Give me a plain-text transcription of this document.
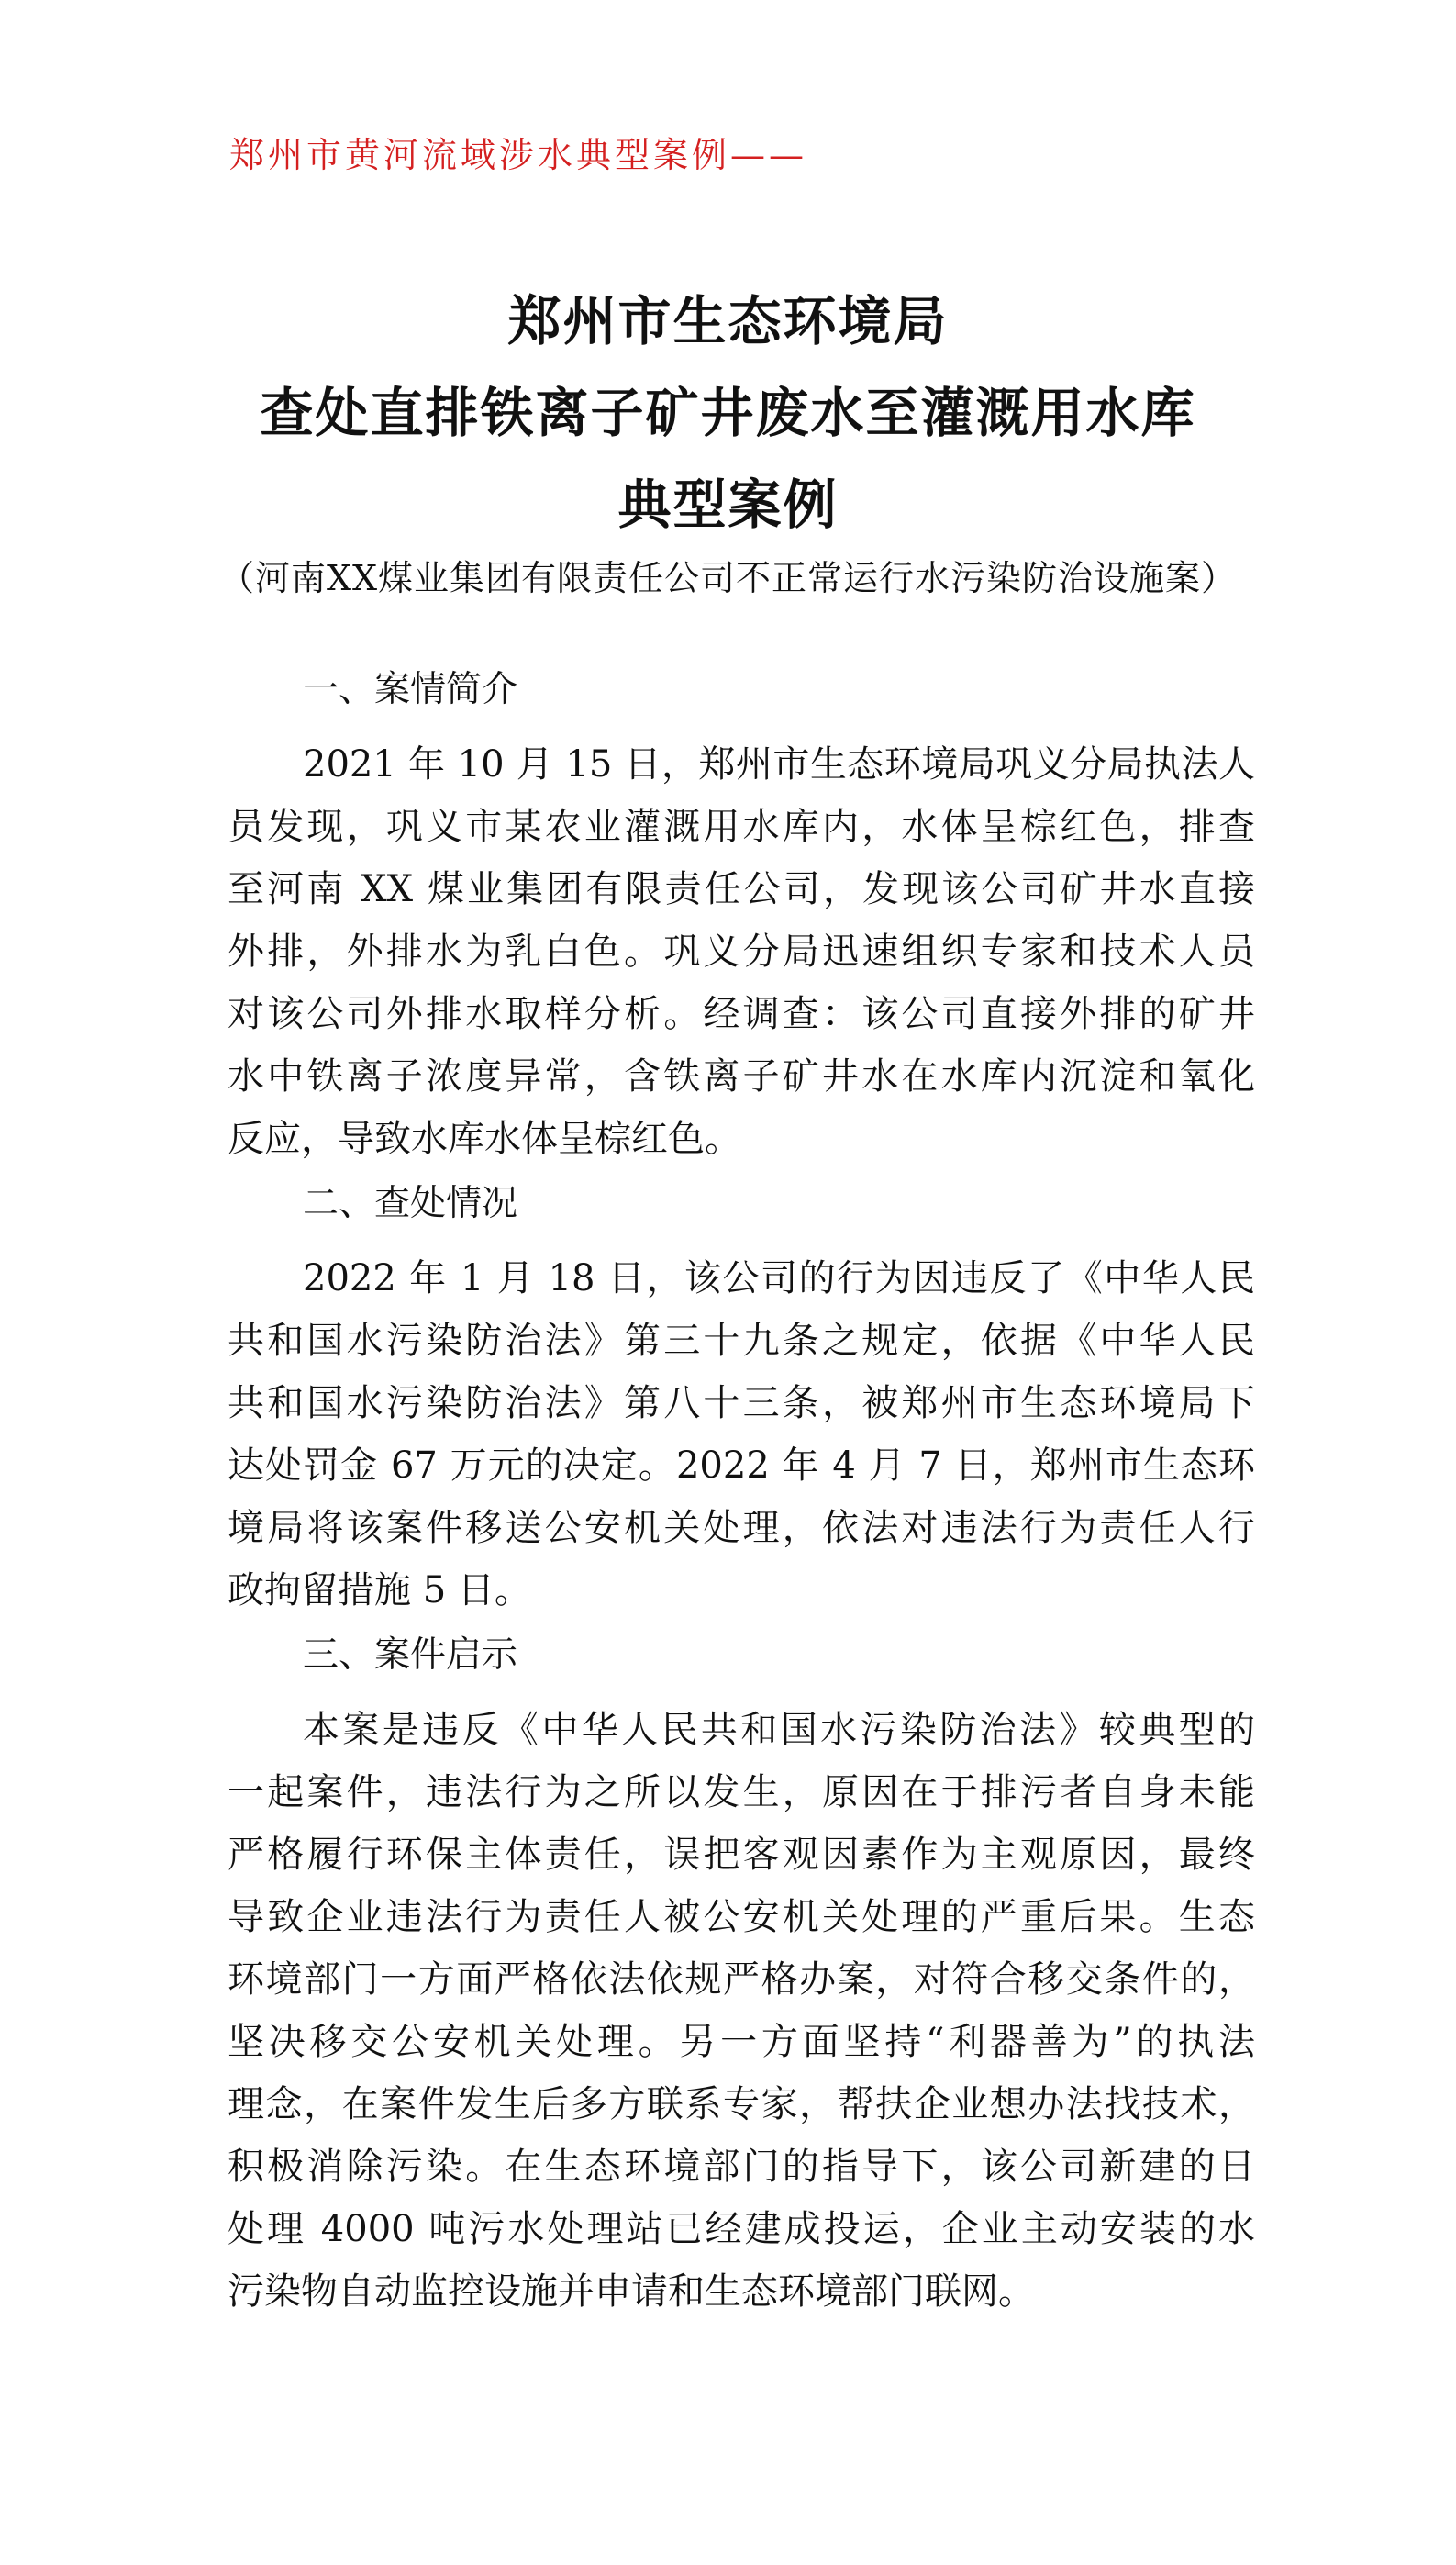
郑州市黄河流域涉水典型案例——
郑州市生态环境局
查处直排铁离子矿井废水至灌溉用水库
典型案例
（河南XX煤业集团有限责任公司不正常运行水污染防治设施案）
一、案情简介
2021 年 10 月 15 日，郑州市生态环境局巩义分局执法人
员发现，巩义市某农业灌溉用水库内，水体呈棕红色，排查
至河南 XX 煤业集团有限责任公司，发现该公司矿井水直接
外排，外排水为乳白色。巩义分局迅速组织专家和技术人员
对该公司外排水取样分析。经调查：该公司直接外排的矿井
水中铁离子浓度异常，含铁离子矿井水在水库内沉淀和氧化
反应，导致水库水体呈棕红色。
二、查处情况
2022 年 1 月 18 日，该公司的行为因违反了《中华人民
共和国水污染防治法》第三十九条之规定，依据《中华人民
共和国水污染防治法》第八十三条，被郑州市生态环境局下
达处罚金 67 万元的决定。2022 年 4 月 7 日，郑州市生态环
境局将该案件移送公安机关处理，依法对违法行为责任人行
政拘留措施 5 日。
三、案件启示
本案是违反《中华人民共和国水污染防治法》较典型的
一起案件，违法行为之所以发生，原因在于排污者自身未能
严格履行环保主体责任，误把客观因素作为主观原因，最终
导致企业违法行为责任人被公安机关处理的严重后果。生态
环境部门一方面严格依法依规严格办案，对符合移交条件的，
坚决移交公安机关处理。另一方面坚持“利器善为”的执法
理念，在案件发生后多方联系专家，帮扶企业想办法找技术，
积极消除污染。在生态环境部门的指导下，该公司新建的日
处理 4000 吨污水处理站已经建成投运，企业主动安装的水
污染物自动监控设施并申请和生态环境部门联网。
